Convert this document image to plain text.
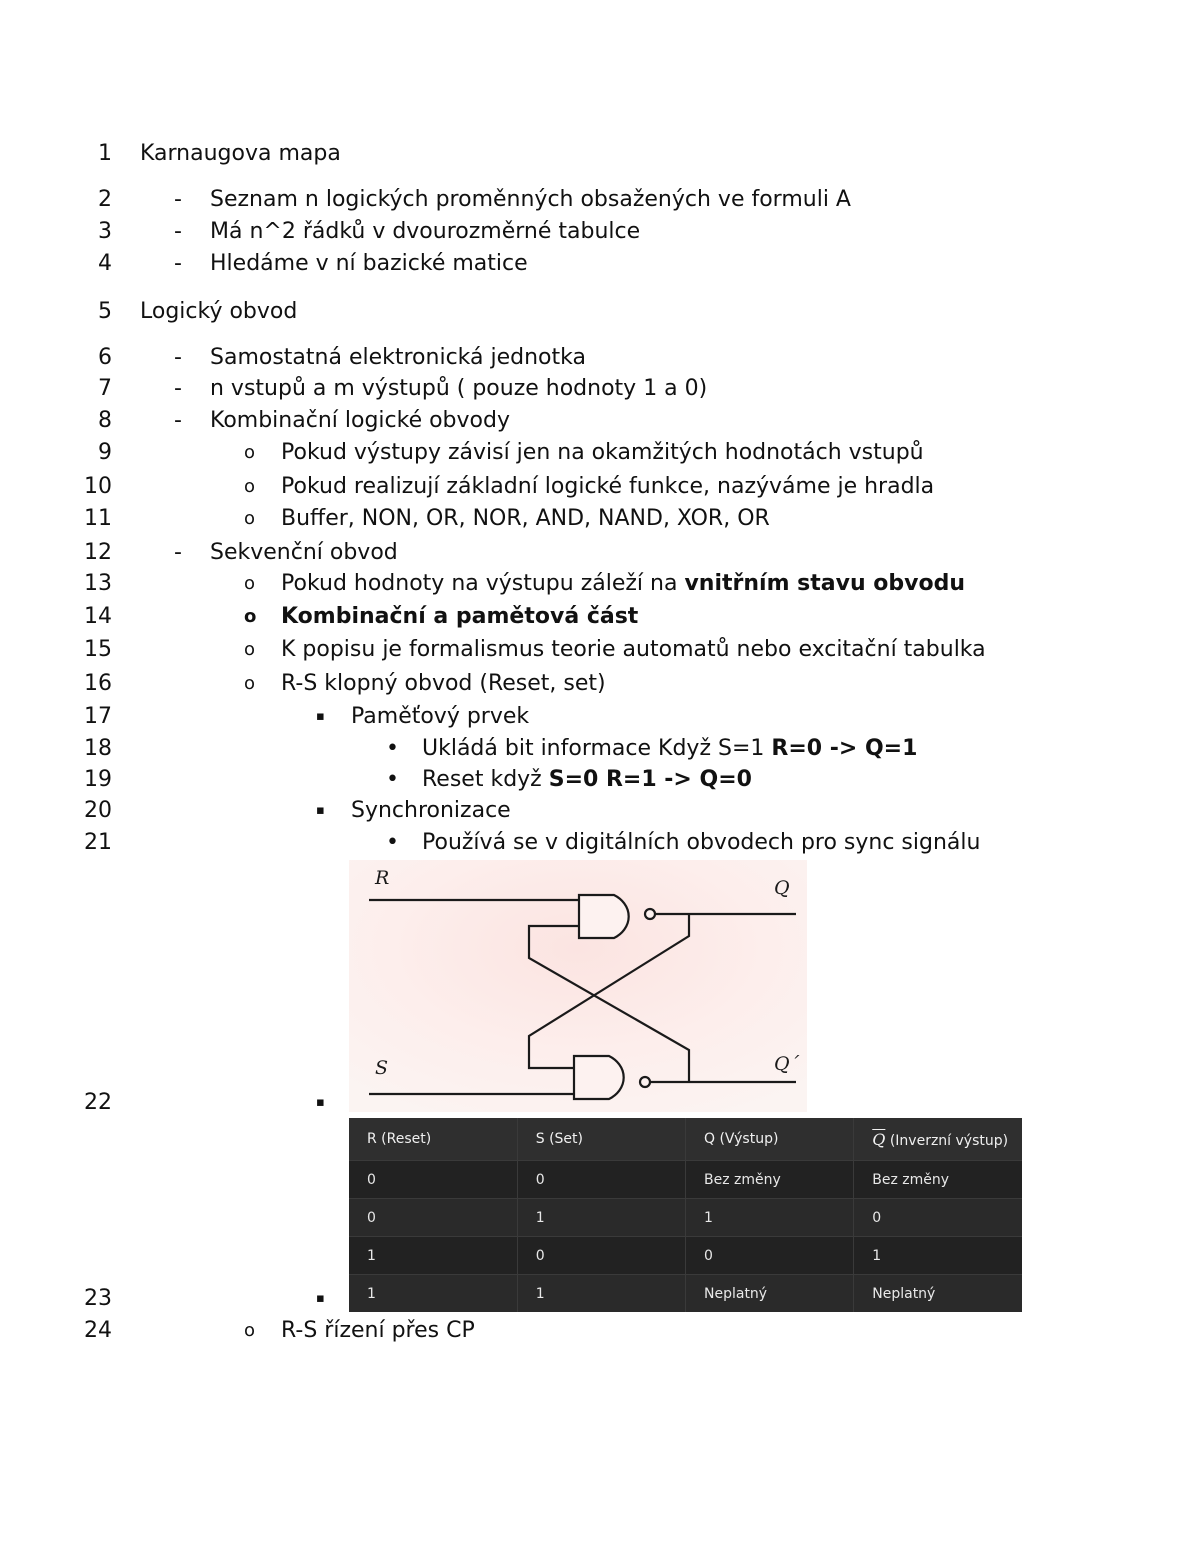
1 Karnaugova mapa
2	- Seznam n logických proměnných obsažených ve formuli A
3	- Má n^2 řádků v dvourozměrné tabulce
4	- Hledáme v ní bazické matice
5 Logický obvod
6	- Samostatná elektronická jednotka
7	- n vstupů a m výstupů ( pouze hodnoty 1 a 0)
8	- Kombinační logické obvody
9	o Pokud výstupy závisí jen na okamžitých hodnotách vstupů
10	o Pokud realizují základní logické funkce, nazýváme je hradla
11	o Buffer, NON, OR, NOR, AND, NAND, XOR, OR
12	- Sekvenční obvod
13	o Pokud hodnoty na výstupu záleží na vnitřním stavu obvodu
14	o Kombinační a pamětová část
15	o K popisu je formalismus teorie automatů nebo excitační tabulka
16	o R-S klopný obvod (Reset, set)
17	▪ Paměťový prvek
18	• Ukládá bit informace Když S=1 R=0 -> Q=1
19	• Reset když S=0 R=1 -> Q=0
20	▪ Synchronizace
21	• Používá se v digitálních obvodech pro sync signálu
22	▪
23	▪
24	o R-S řízení přes CP
R
S
Q
Q´
R (Reset)	S (Set)	Q (Výstup)	$\overline{Q}$ (Inverzní výstup)
0	0	Bez změny	Bez změny
0	1	1	0
1	0	0	1
1	1	Neplatný	Neplatný
